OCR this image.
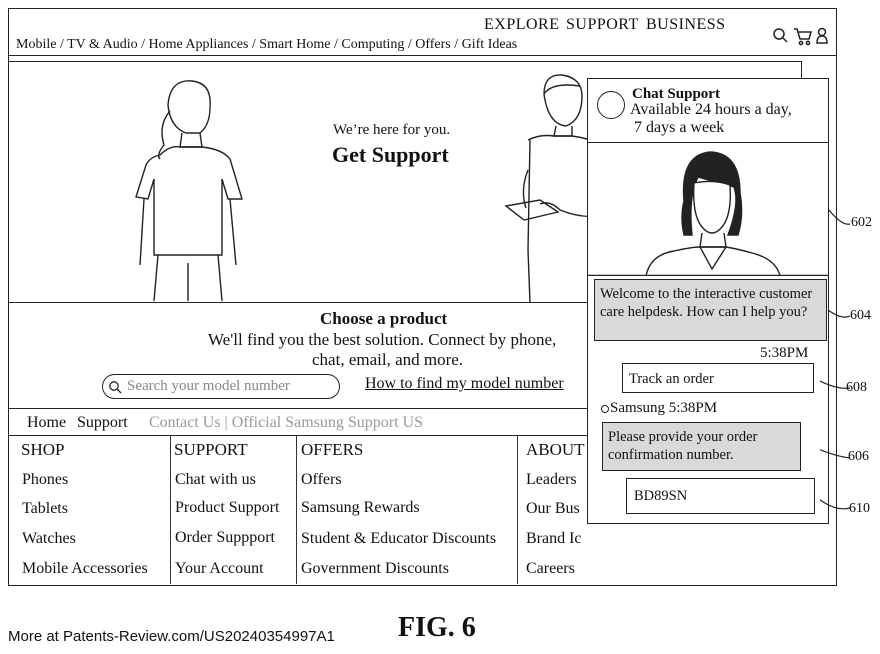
EXPLORE SUPPORT BUSINESS
Mobile / TV & Audio / Home Appliances / Smart Home / Computing / Offers / Gift Ideas
We’re here for you.
Get Support
Choose a product
We'll find you the best solution. Connect by phone,
chat, email, and more.
Search your model number
How to find my model number
Home Support Contact Us | Official Samsung Support US
SHOP
Phones
Tablets
Watches
Mobile Accessories
SUPPORT
Chat with us
Product Support
Order Suppport
Your Account
OFFERS
Offers
Samsung Rewards
Student & Educator Discounts
Government Discounts
ABOUT
Leaders
Our Bus
Brand Ic
Careers
Chat Support
Available 24 hours a day,
7 days a week
Welcome to the interactive customer care helpdesk. How can I help you?
5:38PM
Track an order
Samsung 5:38PM
Please provide your order confirmation number.
BD89SN
602
604
608
606
610
FIG. 6
More at Patents-Review.com/US20240354997A1
